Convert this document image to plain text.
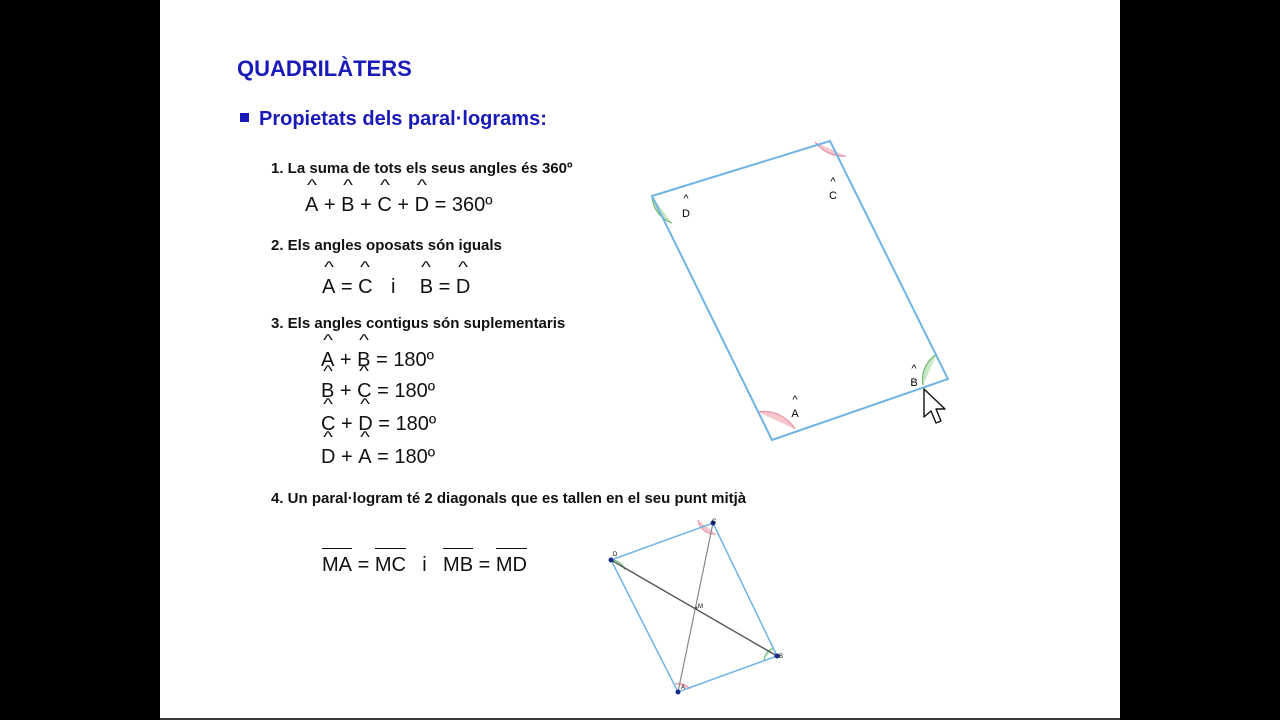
QUADRILÀTERS
Propietats dels paral·lograms:
1. La suma de tots els seus angles és 360º
^ A + ^ B + ^ C + ^ D = 360º
2. Els angles oposats són iguals
^ A = ^ C i ^ B = ^ D
3. Els angles contigus són suplementaris
^ A + ^ B = 180º
^ B + ^ C = 180º
^ C + ^ D = 180º
^ D + ^ A = 180º
4. Un paral·logram té 2 diagonals que es tallen en el seu punt mitjà
MA = MC i MB = MD
^
D
^
C
^
A
^
B
D
C
B
A
M
